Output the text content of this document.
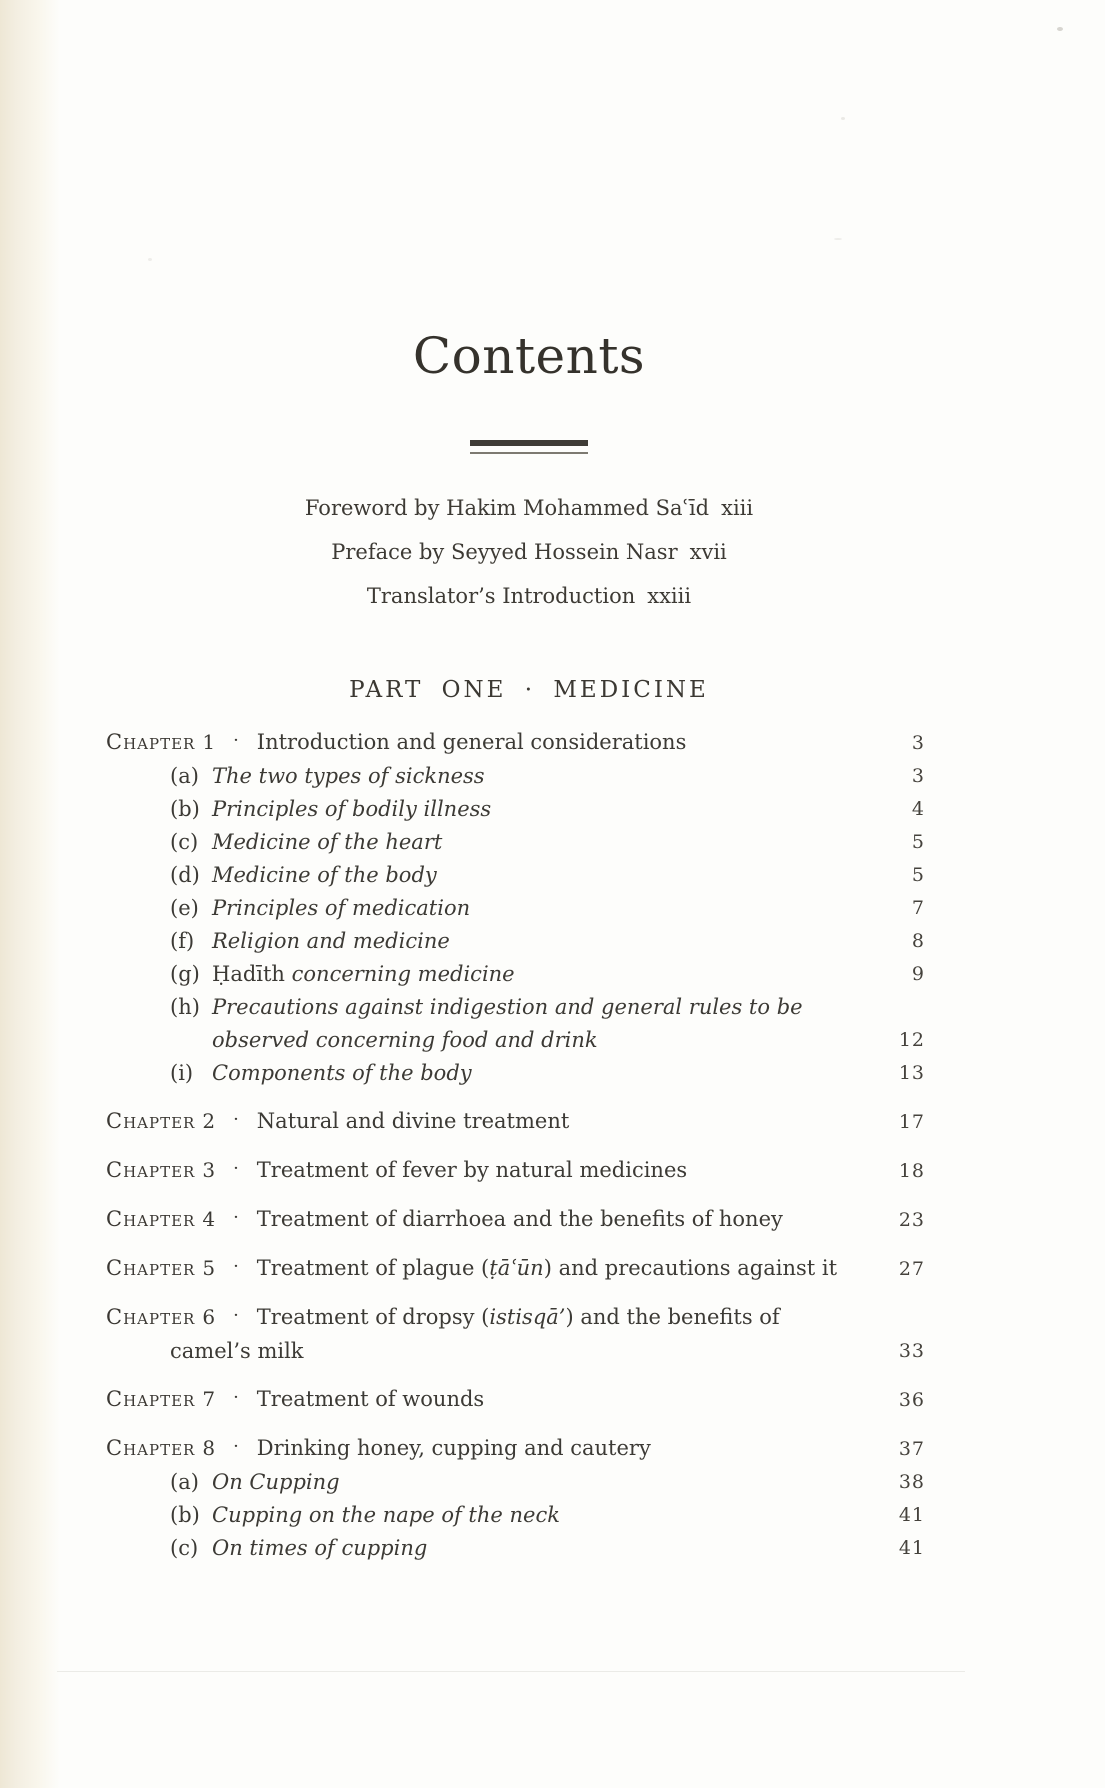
Contents
Foreword by Hakim Mohammed Saʿīd xiii
Preface by Seyyed Hossein Nasr xvii
Translator’s Introduction xxiii
PART ONE · MEDICINE
Chapter 1 · Introduction and general considerations	3
(a) The two types of sickness	3
(b) Principles of bodily illness	4
(c) Medicine of the heart	5
(d) Medicine of the body	5
(e) Principles of medication	7
(f) Religion and medicine	8
(g) Ḥadīth concerning medicine	9
(h) Precautions against indigestion and general rules to be
observed concerning food and drink	12
(i) Components of the body	13
Chapter 2 · Natural and divine treatment	17
Chapter 3 · Treatment of fever by natural medicines	18
Chapter 4 · Treatment of diarrhoea and the benefits of honey	23
Chapter 5 · Treatment of plague (ṭāʿūn) and precautions against it	27
Chapter 6 · Treatment of dropsy (istisqā’) and the benefits of
camel’s milk	33
Chapter 7 · Treatment of wounds	36
Chapter 8 · Drinking honey, cupping and cautery	37
(a) On Cupping	38
(b) Cupping on the nape of the neck	41
(c) On times of cupping	41
